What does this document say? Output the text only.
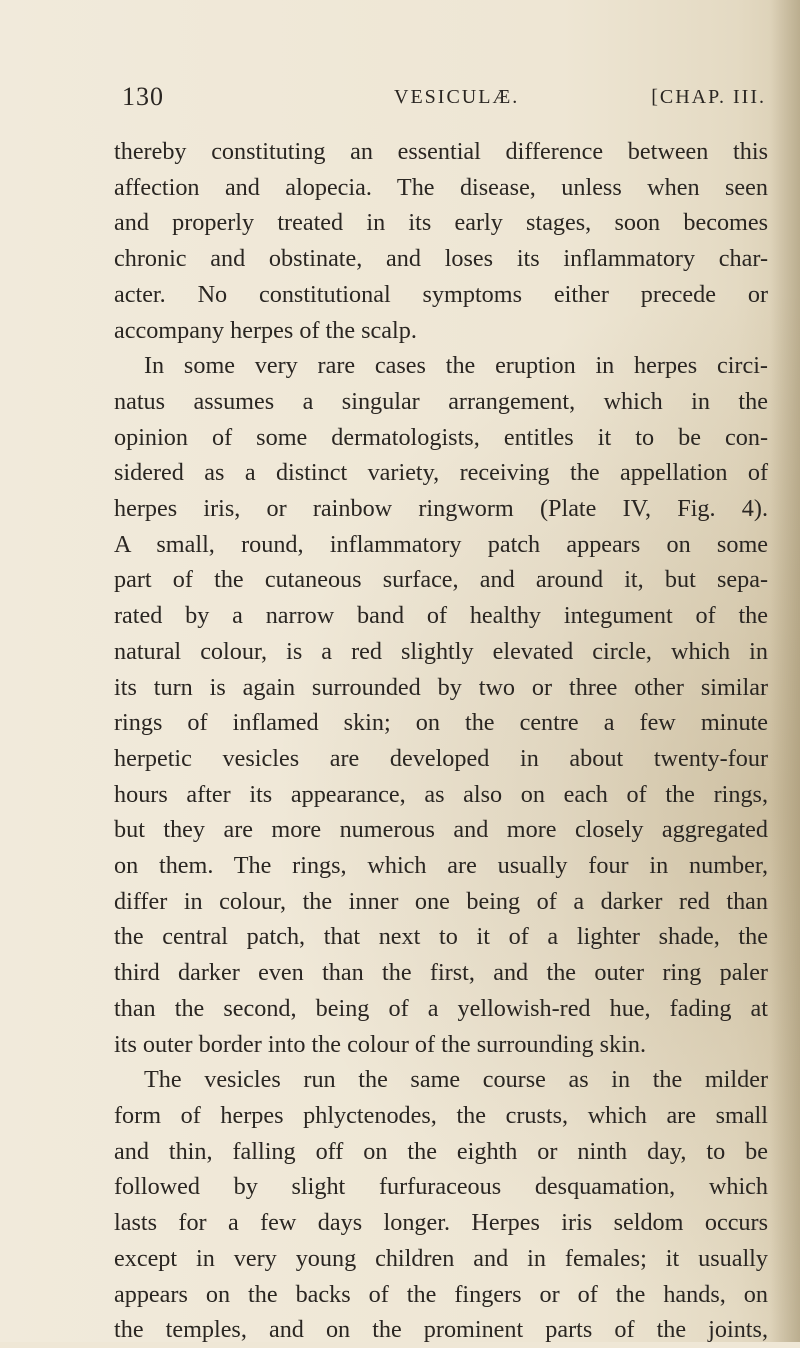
130	VESICULÆ.	[CHAP. III.
thereby constituting an essential difference between this
affection and alopecia. The disease, unless when seen
and properly treated in its early stages, soon becomes
chronic and obstinate, and loses its inflammatory char-
acter. No constitutional symptoms either precede or
accompany herpes of the scalp.
In some very rare cases the eruption in herpes circi-
natus assumes a singular arrangement, which in the
opinion of some dermatologists, entitles it to be con-
sidered as a distinct variety, receiving the appellation of
herpes iris, or rainbow ringworm (Plate IV, Fig. 4).
A small, round, inflammatory patch appears on some
part of the cutaneous surface, and around it, but sepa-
rated by a narrow band of healthy integument of the
natural colour, is a red slightly elevated circle, which in
its turn is again surrounded by two or three other similar
rings of inflamed skin; on the centre a few minute
herpetic vesicles are developed in about twenty-four
hours after its appearance, as also on each of the rings,
but they are more numerous and more closely aggregated
on them. The rings, which are usually four in number,
differ in colour, the inner one being of a darker red than
the central patch, that next to it of a lighter shade, the
third darker even than the first, and the outer ring paler
than the second, being of a yellowish-red hue, fading at
its outer border into the colour of the surrounding skin.
The vesicles run the same course as in the milder
form of herpes phlyctenodes, the crusts, which are small
and thin, falling off on the eighth or ninth day, to be
followed by slight furfuraceous desquamation, which
lasts for a few days longer. Herpes iris seldom occurs
except in very young children and in females; it usually
appears on the backs of the fingers or of the hands, on
the temples, and on the prominent parts of the joints,
